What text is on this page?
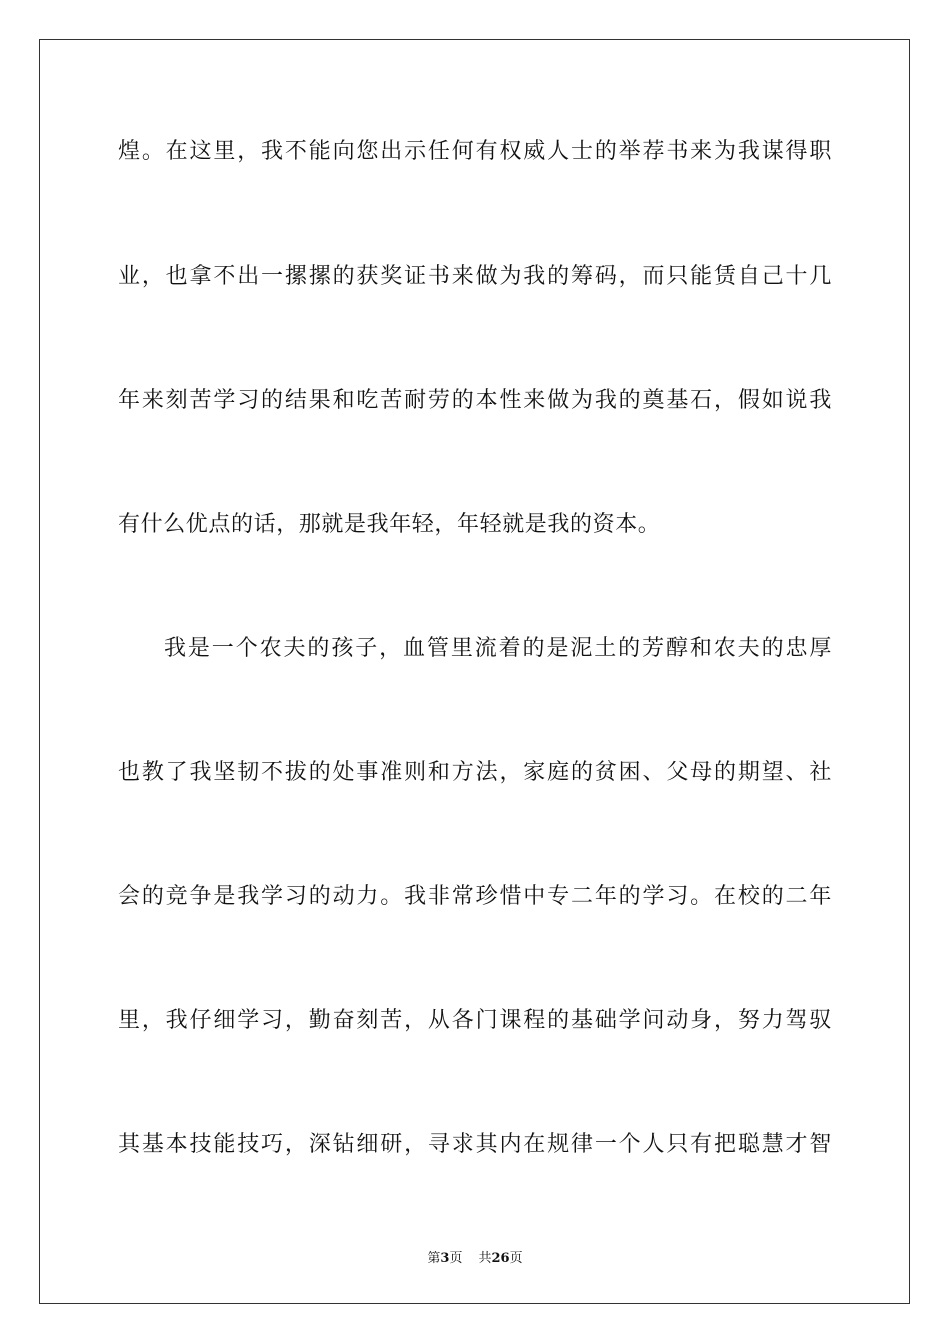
煌。在这里，我不能向您出示任何有权威人士的举荐书来为我谋得职
业，也拿不出一摞摞的获奖证书来做为我的筹码，而只能赁自己十几
年来刻苦学习的结果和吃苦耐劳的本性来做为我的奠基石，假如说我
有什么优点的话，那就是我年轻，年轻就是我的资本。
我是一个农夫的孩子，血管里流着的是泥土的芳醇和农夫的忠厚
也教了我坚韧不拔的处事准则和方法，家庭的贫困、父母的期望、社
会的竞争是我学习的动力。我非常珍惜中专二年的学习。在校的二年
里，我仔细学习，勤奋刻苦，从各门课程的基础学问动身，努力驾驭
其基本技能技巧，深钻细研，寻求其内在规律一个人只有把聪慧才智
第3页 共26页
